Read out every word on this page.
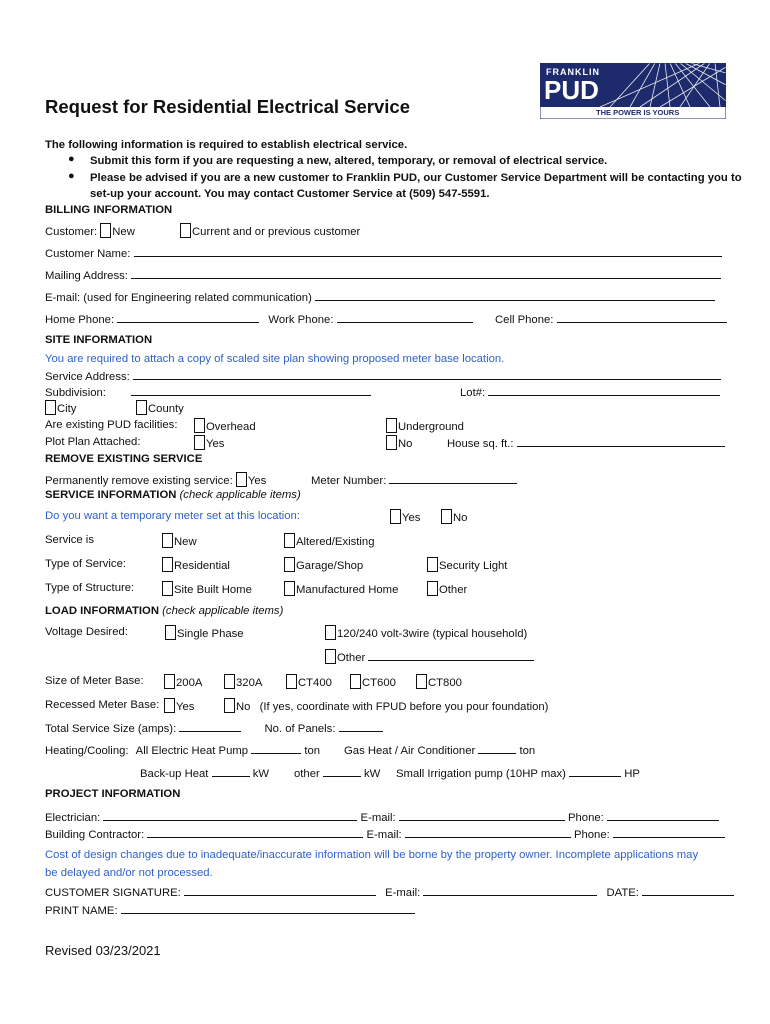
FRANKLIN
PUD
THE POWER IS YOURS
Request for Residential Electrical Service
The following information is required to establish electrical service.
● Submit this form if you are requesting a new, altered, temporary, or removal of electrical service.
● Please be advised if you are a new customer to Franklin PUD, our Customer Service Department will be contacting you to
set-up your account. You may contact Customer Service at (509) 547-5591.
BILLING INFORMATION
Customer: New	Current and or previous customer
Customer Name:
Mailing Address:
E-mail: (used for Engineering related communication)
Home Phone:	Work Phone:	Cell Phone:
SITE INFORMATION
You are required to attach a copy of scaled site plan showing proposed meter base location.
Service Address:
Subdivision:	Lot#:
City	County
Are existing PUD facilities:	Overhead	Underground
Plot Plan Attached:	Yes	No	House sq. ft.:
REMOVE EXISTING SERVICE
Permanently remove existing service: Yes	Meter Number:
SERVICE INFORMATION (check applicable items)
Do you want a temporary meter set at this location:	Yes	No
Service is	New	Altered/Existing
Type of Service:	Residential	Garage/Shop	Security Light
Type of Structure:	Site Built Home	Manufactured Home	Other
LOAD INFORMATION (check applicable items)
Voltage Desired:	Single Phase	120/240 volt-3wire (typical household)
Other
Size of Meter Base:	200A	320A	CT400	CT600	CT800
Recessed Meter Base:	Yes	No (If yes, coordinate with FPUD before you pour foundation)
Total Service Size (amps):	No. of Panels:
Heating/Cooling: All Electric Heat Pump	ton Gas Heat / Air Conditioner	ton
Back-up Heat	kW other	kW Small Irrigation pump (10HP max)	HP
PROJECT INFORMATION
Electrician:	E-mail:	Phone:
Building Contractor:	E-mail:	Phone:
Cost of design changes due to inadequate/inaccurate information will be borne by the property owner. Incomplete applications may
be delayed and/or not processed.
CUSTOMER SIGNATURE:	E-mail:	DATE:
PRINT NAME:
Revised 03/23/2021
